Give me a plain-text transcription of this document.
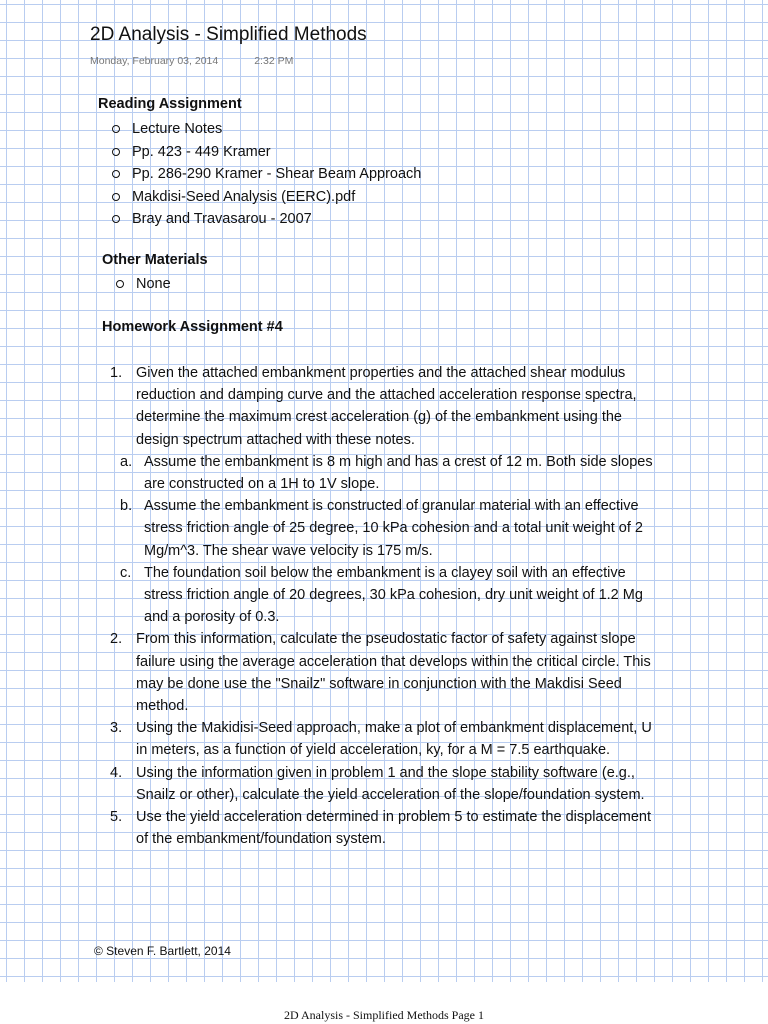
2D Analysis - Simplified Methods
Monday, February 03, 2014	2:32 PM
Reading Assignment
Lecture Notes
Pp. 423 - 449 Kramer
Pp. 286-290 Kramer - Shear Beam Approach
Makdisi-Seed Analysis (EERC).pdf
Bray and Travasarou - 2007
Other Materials
None
Homework Assignment #4
1. Given the attached embankment properties and the attached shear modulus reduction and damping curve and the attached acceleration response spectra, determine the maximum crest acceleration (g) of the embankment using the design spectrum attached with these notes.
a. Assume the embankment is 8 m high and has a crest of 12 m. Both side slopes are constructed on a 1H to 1V slope.
b. Assume the embankment is constructed of granular material with an effective stress friction angle of 25 degree, 10 kPa cohesion and a total unit weight of 2 Mg/m^3. The shear wave velocity is 175 m/s.
c. The foundation soil below the embankment is a clayey soil with an effective stress friction angle of 20 degrees, 30 kPa cohesion, dry unit weight of 1.2 Mg and a porosity of 0.3.
2. From this information, calculate the pseudostatic factor of safety against slope failure using the average acceleration that develops within the critical circle. This may be done use the "Snailz" software in conjunction with the Makdisi Seed method.
3. Using the Makidisi-Seed approach, make a plot of embankment displacement, U in meters, as a function of yield acceleration, ky, for a M = 7.5 earthquake.
4. Using the information given in problem 1 and the slope stability software (e.g., Snailz or other), calculate the yield acceleration of the slope/foundation system.
5. Use the yield acceleration determined in problem 5 to estimate the displacement of the embankment/foundation system.
© Steven F. Bartlett, 2014
2D Analysis - Simplified Methods Page 1
